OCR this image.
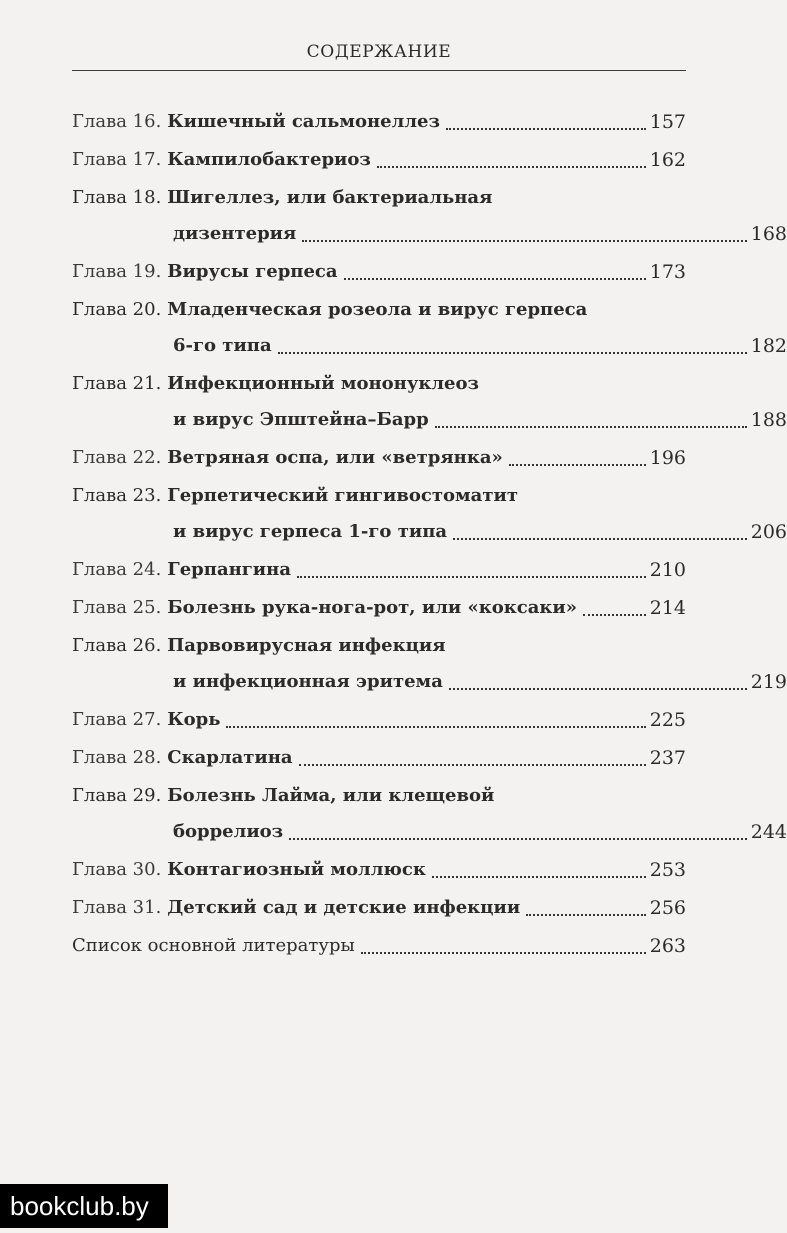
СОДЕРЖАНИЕ
Глава 16. Кишечный сальмонеллез	157
Глава 17. Кампилобактериоз	162
Глава 18. Шигеллез, или бактериальная
дизентерия	168
Глава 19. Вирусы герпеса	173
Глава 20. Младенческая розеола и вирус герпеса
6-го типа	182
Глава 21. Инфекционный мононуклеоз
и вирус Эпштейна–Барр	188
Глава 22. Ветряная оспа, или «ветрянка»	196
Глава 23. Герпетический гингивостоматит
и вирус герпеса 1-го типа	206
Глава 24. Герпангина	210
Глава 25. Болезнь рука-нога-рот, или «коксаки»	214
Глава 26. Парвовирусная инфекция
и инфекционная эритема	219
Глава 27. Корь	225
Глава 28. Скарлатина	237
Глава 29. Болезнь Лайма, или клещевой
боррелиоз	244
Глава 30. Контагиозный моллюск	253
Глава 31. Детский сад и детские инфекции	256
Список основной литературы	263
bookclub.by
